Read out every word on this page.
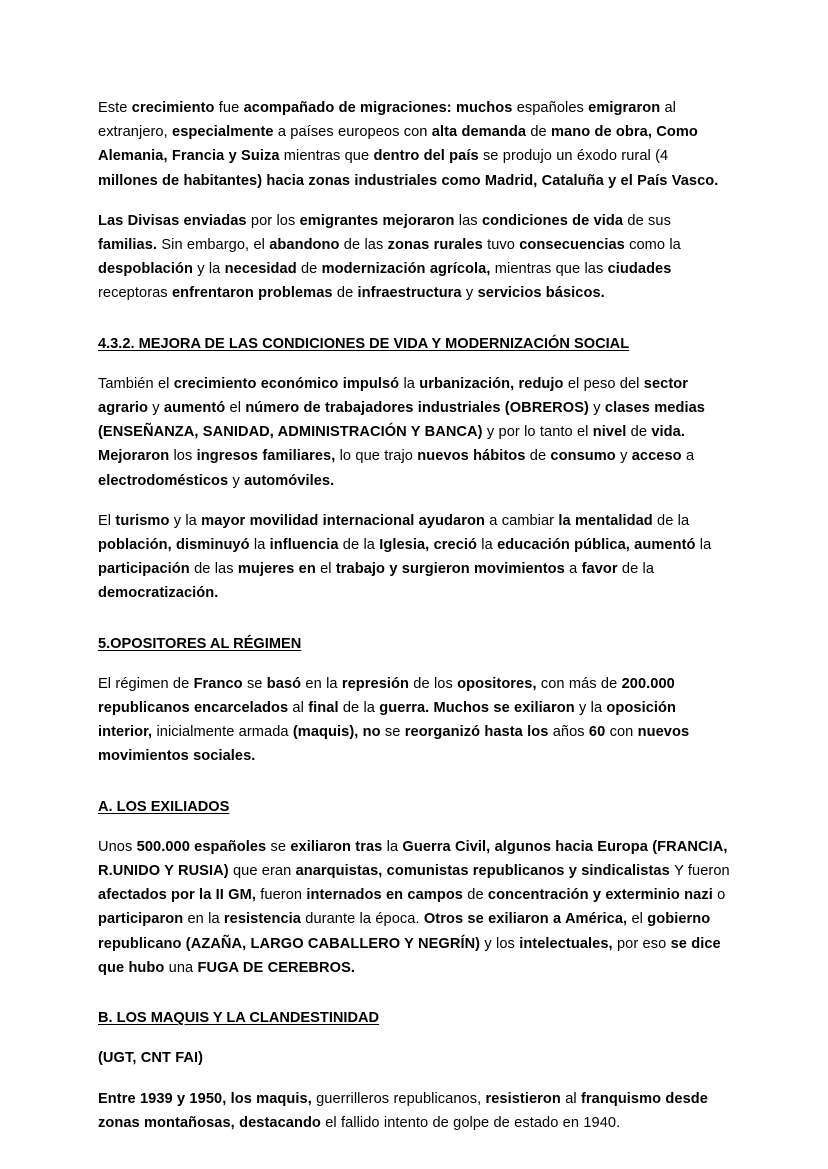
Este crecimiento fue acompañado de migraciones: muchos españoles emigraron al extranjero, especialmente a países europeos con alta demanda de mano de obra, Como Alemania, Francia y Suiza mientras que dentro del país se produjo un éxodo rural (4 millones de habitantes) hacia zonas industriales como Madrid, Cataluña y el País Vasco.

Las Divisas enviadas por los emigrantes mejoraron las condiciones de vida de sus familias. Sin embargo, el abandono de las zonas rurales tuvo consecuencias como la despoblación y la necesidad de modernización agrícola, mientras que las ciudades receptoras enfrentaron problemas de infraestructura y servicios básicos.

4.3.2. MEJORA DE LAS CONDICIONES DE VIDA Y MODERNIZACIÓN SOCIAL

También el crecimiento económico impulsó la urbanización, redujo el peso del sector agrario y aumentó el número de trabajadores industriales (OBREROS) y clases medias (ENSEÑANZA, SANIDAD, ADMINISTRACIÓN Y BANCA) y por lo tanto el nivel de vida. Mejoraron los ingresos familiares, lo que trajo nuevos hábitos de consumo y acceso a electrodomésticos y automóviles.

El turismo y la mayor movilidad internacional ayudaron a cambiar la mentalidad de la población, disminuyó la influencia de la Iglesia, creció la educación pública, aumentó la participación de las mujeres en el trabajo y surgieron movimientos a favor de la democratización.

5.OPOSITORES AL RÉGIMEN

El régimen de Franco se basó en la represión de los opositores, con más de 200.000 republicanos encarcelados al final de la guerra. Muchos se exiliaron y la oposición interior, inicialmente armada (maquis), no se reorganizó hasta los años 60 con nuevos movimientos sociales.

A. LOS EXILIADOS

Unos 500.000 españoles se exiliaron tras la Guerra Civil, algunos hacia Europa (FRANCIA, R.UNIDO Y RUSIA) que eran anarquistas, comunistas republicanos y sindicalistas Y fueron afectados por la II GM, fueron internados en campos de concentración y exterminio nazi o participaron en la resistencia durante la época. Otros se exiliaron a América, el gobierno republicano (AZAÑA, LARGO CABALLERO Y NEGRÍN) y los intelectuales, por eso se dice que hubo una FUGA DE CEREBROS.

B. LOS MAQUIS Y LA CLANDESTINIDAD

(UGT, CNT FAI)

Entre 1939 y 1950, los maquis, guerrilleros republicanos, resistieron al franquismo desde zonas montañosas, destacando el fallido intento de golpe de estado en 1940.
